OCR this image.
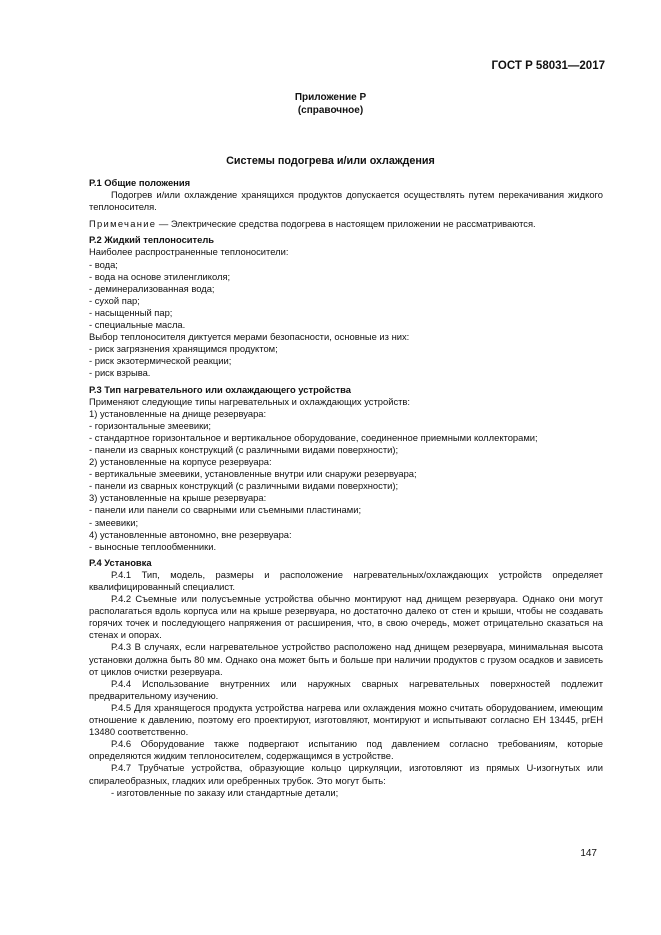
ГОСТ Р 58031—2017
Приложение Р
(справочное)
Системы подогрева и/или охлаждения
Р.1 Общие положения
Подогрев и/или охлаждение хранящихся продуктов допускается осуществлять путем перекачивания жидкого теплоносителя.
Примечание — Электрические средства подогрева в настоящем приложении не рассматриваются.
Р.2 Жидкий теплоноситель
Наиболее распространенные теплоносители:
- вода;
- вода на основе этиленгликоля;
- деминерализованная вода;
- сухой пар;
- насыщенный пар;
- специальные масла.
Выбор теплоносителя диктуется мерами безопасности, основные из них:
- риск загрязнения хранящимся продуктом;
- риск экзотермической реакции;
- риск взрыва.
Р.3 Тип нагревательного или охлаждающего устройства
Применяют следующие типы нагревательных и охлаждающих устройств:
1) установленные на днище резервуара:
- горизонтальные змеевики;
- стандартное горизонтальное и вертикальное оборудование, соединенное приемными коллекторами;
- панели из сварных конструкций (с различными видами поверхности);
2) установленные на корпусе резервуара:
- вертикальные змеевики, установленные внутри или снаружи резервуара;
- панели из сварных конструкций (с различными видами поверхности);
3) установленные на крыше резервуара:
- панели или панели со сварными или съемными пластинами;
- змеевики;
4) установленные автономно, вне резервуара:
- выносные теплообменники.
Р.4 Установка
Р.4.1 Тип, модель, размеры и расположение нагревательных/охлаждающих устройств определяет квалифицированный специалист.
Р.4.2 Съемные или полусъемные устройства обычно монтируют над днищем резервуара. Однако они могут располагаться вдоль корпуса или на крыше резервуара, но достаточно далеко от стен и крыши, чтобы не создавать горячих точек и последующего напряжения от расширения, что, в свою очередь, может отрицательно сказаться на стенах и опорах.
Р.4.3 В случаях, если нагревательное устройство расположено над днищем резервуара, минимальная высота установки должна быть 80 мм. Однако она может быть и больше при наличии продуктов с грузом осадков и зависеть от циклов очистки резервуара.
Р.4.4 Использование внутренних или наружных сварных нагревательных поверхностей подлежит предварительному изучению.
Р.4.5 Для хранящегося продукта устройства нагрева или охлаждения можно считать оборудованием, имеющим отношение к давлению, поэтому его проектируют, изготовляют, монтируют и испытывают согласно ЕН 13445, prЕН 13480 соответственно.
Р.4.6 Оборудование также подвергают испытанию под давлением согласно требованиям, которые определяются жидким теплоносителем, содержащимся в устройстве.
Р.4.7 Трубчатые устройства, образующие кольцо циркуляции, изготовляют из прямых U-изогнутых или спиралеобразных, гладких или оребренных трубок. Это могут быть:
- изготовленные по заказу или стандартные детали;
147
